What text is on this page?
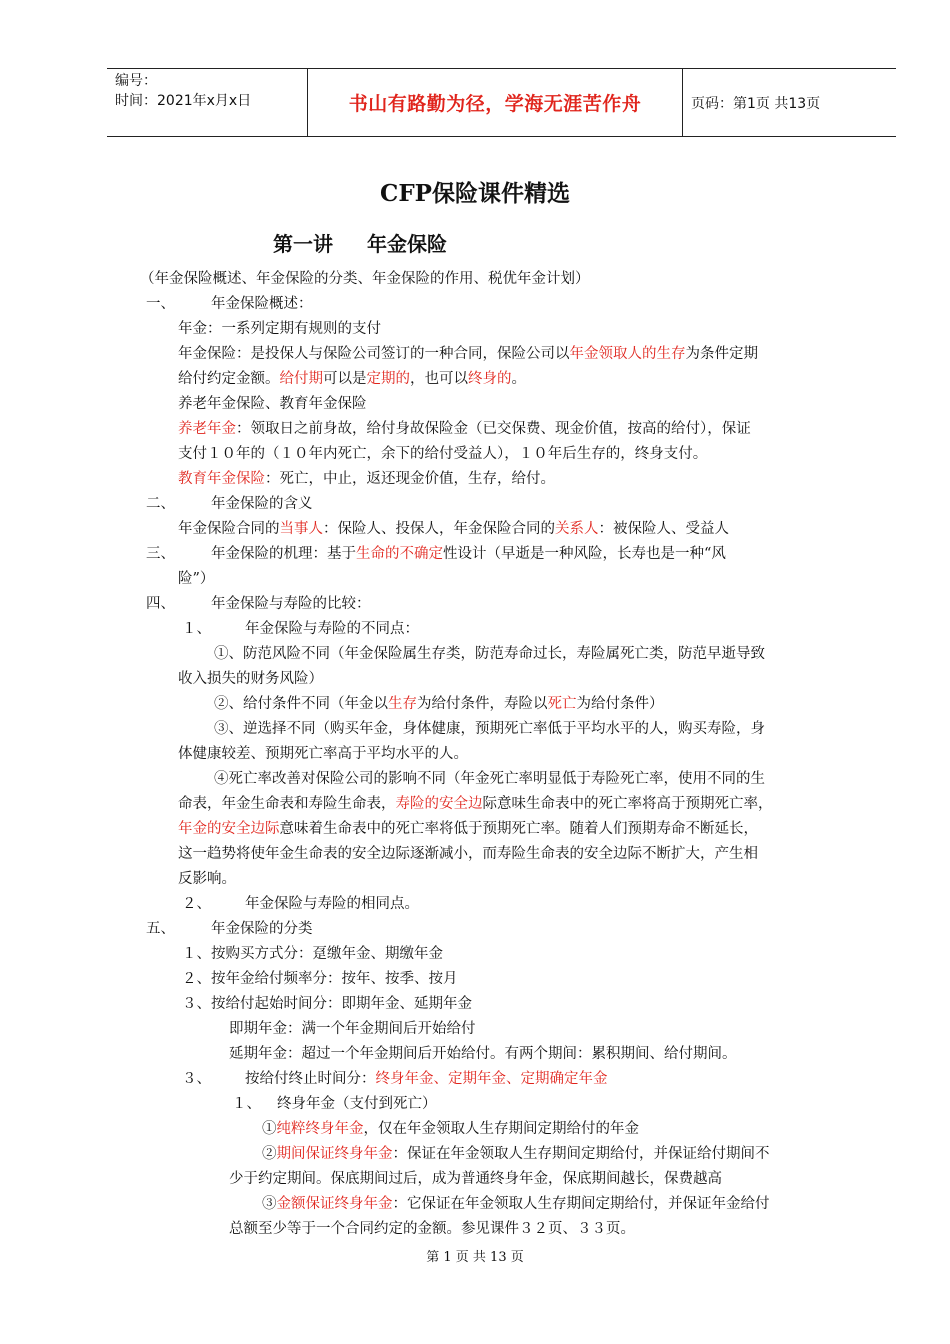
编号：
时间：2021年x月x日	书山有路勤为径，学海无涯苦作舟	页码：第1页 共13页
CFP保险课件精选
第一讲 年金保险
（年金保险概述、年金保险的分类、年金保险的作用、税优年金计划）
一、 年金保险概述：
年金：一系列定期有规则的支付
年金保险：是投保人与保险公司签订的一种合同，保险公司以年金领取人的生存为条件定期
给付约定金额。给付期可以是定期的，也可以终身的。
养老年金保险、教育年金保险
养老年金：领取日之前身故，给付身故保险金（已交保费、现金价值，按高的给付），保证
支付１０年的（１０年内死亡，余下的给付受益人），１０年后生存的，终身支付。
教育年金保险：死亡，中止，返还现金价值，生存，给付。
二、 年金保险的含义
年金保险合同的当事人：保险人、投保人，年金保险合同的关系人：被保险人、受益人
三、 年金保险的机理：基于生命的不确定性设计（早逝是一种风险，长寿也是一种“风
险”）
四、 年金保险与寿险的比较：
１、 年金保险与寿险的不同点：
①、防范风险不同（年金保险属生存类，防范寿命过长，寿险属死亡类，防范早逝导致
收入损失的财务风险）
②、给付条件不同（年金以生存为给付条件，寿险以死亡为给付条件）
③、逆选择不同（购买年金，身体健康，预期死亡率低于平均水平的人，购买寿险，身
体健康较差、预期死亡率高于平均水平的人。
④死亡率改善对保险公司的影响不同（年金死亡率明显低于寿险死亡率，使用不同的生
命表，年金生命表和寿险生命表，寿险的安全边际意味生命表中的死亡率将高于预期死亡率，
年金的安全边际意味着生命表中的死亡率将低于预期死亡率。随着人们预期寿命不断延长，
这一趋势将使年金生命表的安全边际逐渐减小，而寿险生命表的安全边际不断扩大，产生相
反影响。
２、 年金保险与寿险的相同点。
五、 年金保险的分类
１、按购买方式分：趸缴年金、期缴年金
２、按年金给付频率分：按年、按季、按月
３、按给付起始时间分：即期年金、延期年金
即期年金：满一个年金期间后开始给付
延期年金：超过一个年金期间后开始给付。有两个期间：累积期间、给付期间。
３、 按给付终止时间分：终身年金、定期年金、定期确定年金
１、 终身年金（支付到死亡）
①纯粹终身年金，仅在年金领取人生存期间定期给付的年金
②期间保证终身年金：保证在年金领取人生存期间定期给付，并保证给付期间不
少于约定期间。保底期间过后，成为普通终身年金，保底期间越长，保费越高
③金额保证终身年金：它保证在年金领取人生存期间定期给付，并保证年金给付
总额至少等于一个合同约定的金额。参见课件３２页、３３页。
第 1 页 共 13 页
